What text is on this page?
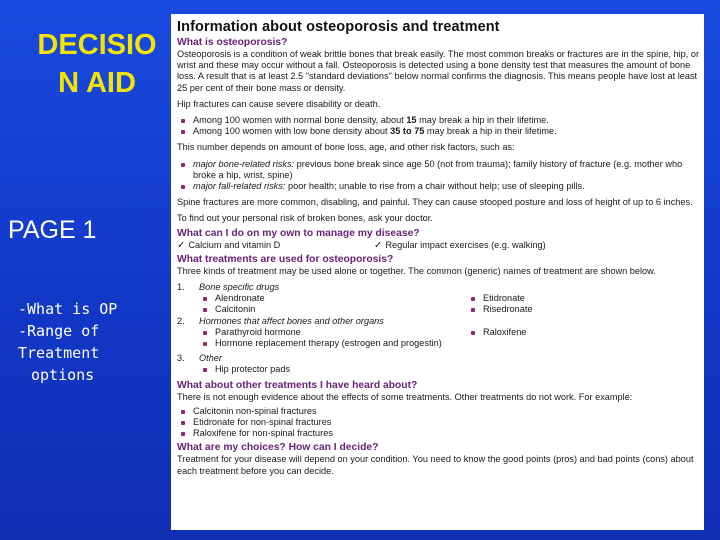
DECISIO
N AID
PAGE 1
-What is OP
-Range of
Treatment
options
Information about osteoporosis and treatment
What is osteoporosis?

Osteoporosis is a condition of weak brittle bones that break easily. The most common breaks or fractures are in the spine, hip, or wrist and these may occur without a fall. Osteoporosis is detected using a bone density test that measures the amount of bone loss. A result that is at least 2.5 "standard deviations" below normal confirms the diagnosis. This means people have lost at least 25 per cent of their bone mass or density.

Hip fractures can cause severe disability or death.

Among 100 women with normal bone density, about 15 may break a hip in their lifetime.
Among 100 women with low bone density about 35 to 75 may break a hip in their lifetime.

This number depends on amount of bone loss, age, and other risk factors, such as:

major bone-related risks: previous bone break since age 50 (not from trauma); family history of fracture (e.g. mother who broke a hip, wrist, spine)
major fall-related risks: poor health; unable to rise from a chair without help; use of sleeping pills.

Spine fractures are more common, disabling, and painful. They can cause stooped posture and loss of height of up to 6 inches.

To find out your personal risk of broken bones, ask your doctor.

What can I do on my own to manage my disease?
✓ Calcium and vitamin D	✓ Regular impact exercises (e.g. walking)
What treatments are used for osteoporosis?

Three kinds of treatment may be used alone or together. The common (generic) names of treatment are shown below.

1.	Bone specific drugs
Alendronate
Calcitonin
Etidronate
Risedronate
2.	Hormones that affect bones and other organs
Parathyroid hormone
Hormone replacement therapy (estrogen and progestin)
Raloxifene
3.	Other
Hip protector pads
What about other treatments I have heard about?

There is not enough evidence about the effects of some treatments. Other treatments do not work. For example:

Calcitonin non-spinal fractures
Etidronate for non-spinal fractures
Raloxifene for non-spinal fractures
What are my choices? How can I decide?

Treatment for your disease will depend on your condition. You need to know the good points (pros) and bad points (cons) about each treatment before you can decide.
